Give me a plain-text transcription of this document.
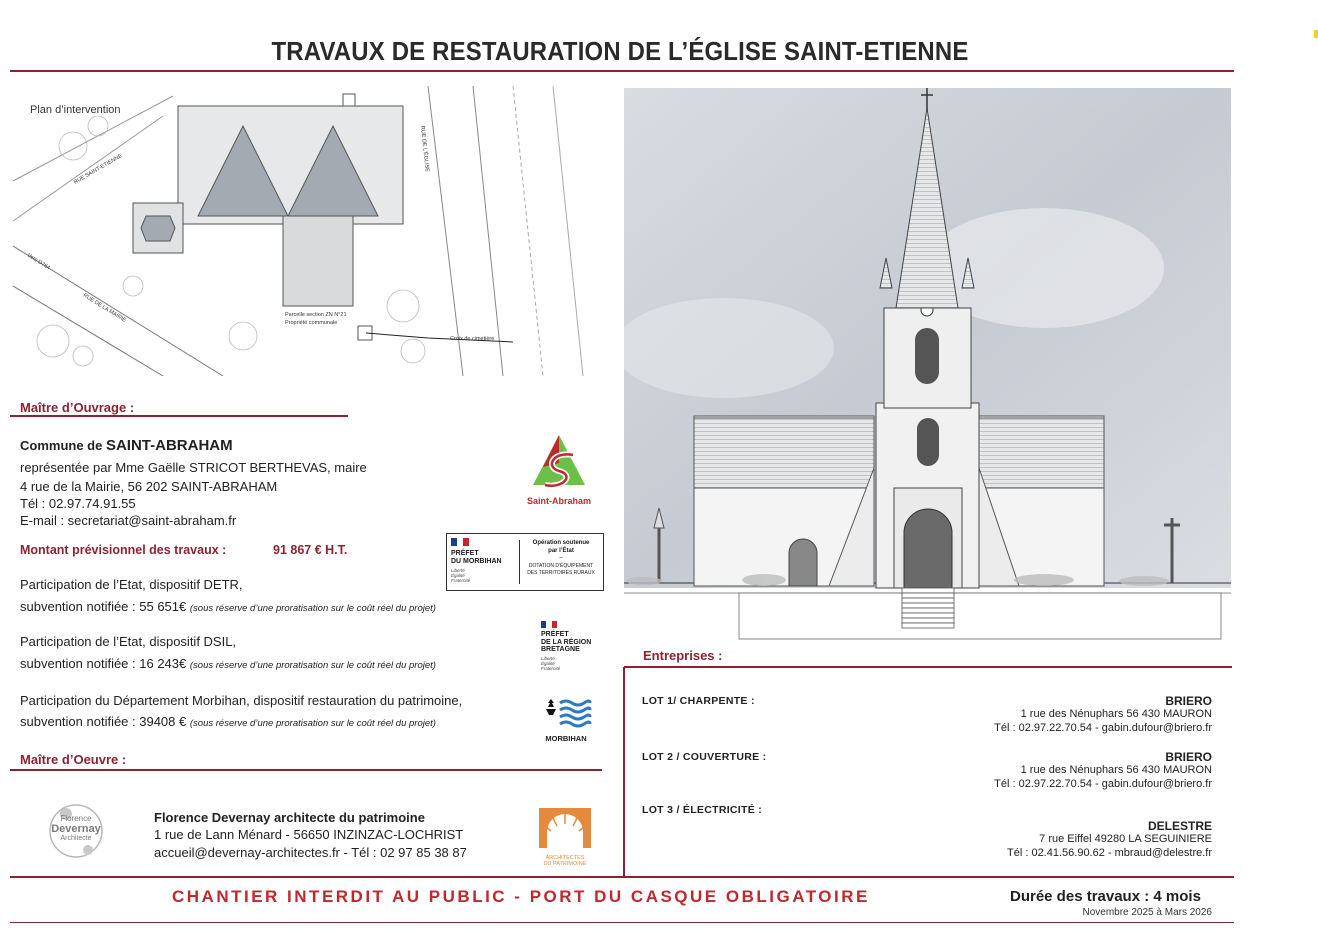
TRAVAUX DE RESTAURATION DE L’ÉGLISE SAINT-ETIENNE
RUE SAINT-ETIENNE
Vers D764
RUE DE LA MAIRIE
RUE DE L'ÉGLISE
Parcelle section ZN N°21
Propriété communale
Croix de cimetière
Plan d’intervention
Maître d’Ouvrage :
Commune de SAINT-ABRAHAM
représentée par Mme Gaëlle STRICOT BERTHEVAS, maire
4 rue de la Mairie, 56 202 SAINT-ABRAHAM
Tél : 02.97.74.91.55
E-mail : secretariat@saint-abraham.fr
Saint-Abraham
Montant prévisionnel des travaux :	91 867 € H.T.
Participation de l’Etat, dispositif DETR,
subvention notifiée : 55 651€ (sous réserve d’une proratisation sur le coût réel du projet)
Participation de l’Etat, dispositif DSIL,
subvention notifiée : 16 243€ (sous réserve d’une proratisation sur le coût réel du projet)
Participation du Département Morbihan, dispositif restauration du patrimoine,
subvention notifiée : 39408 € (sous réserve d’une proratisation sur le coût réel du projet)
PRÉFET
DU MORBIHAN
Liberté
Égalité
Fraternité
Opération soutenue
par l’État
–
DOTATION D’ÉQUIPEMENT
DES TERRITOIRES RURAUX
PRÉFET
DE LA RÉGION
BRETAGNE
Liberté
Égalité
Fraternité
MORBIHAN
Maître d’Oeuvre :
Florence
Devernay
Architecte
Florence Devernay architecte du patrimoine
1 rue de Lann Ménard - 56650 INZINZAC-LOCHRIST
accueil@devernay-architectes.fr - Tél : 02 97 85 38 87	ARCHITECTES
DU PATRIMOINE
Entreprises :
LOT 1/ CHARPENTE :	BRIERO
1 rue des Nénuphars 56 430 MAURON
Tél : 02.97.22.70.54 - gabin.dufour@briero.fr
LOT 2 / COUVERTURE :	BRIERO
1 rue des Nénuphars 56 430 MAURON
Tél : 02.97.22.70.54 - gabin.dufour@briero.fr
LOT 3 / ÉLECTRICITÉ :
DELESTRE
7 rue Eiffel 49280 LA SEGUINIERE
Tél : 02.41.56.90.62 - mbraud@delestre.fr
CHANTIER INTERDIT AU PUBLIC - PORT DU CASQUE OBLIGATOIRE	Durée des travaux : 4 mois
Novembre 2025 à Mars 2026
